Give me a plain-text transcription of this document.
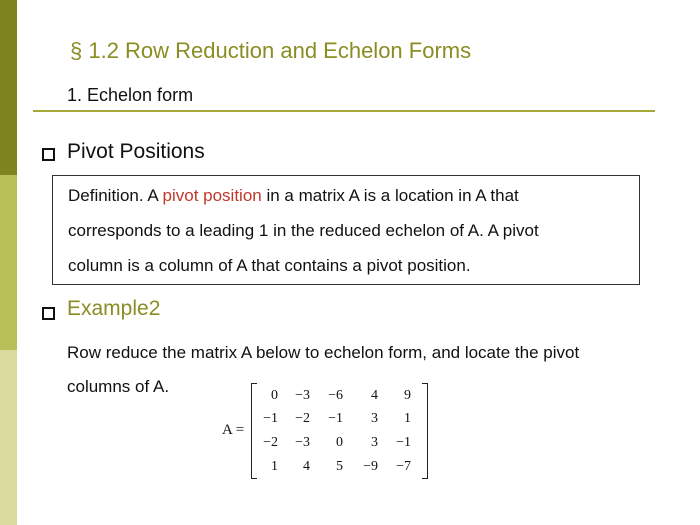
§ 1.2 Row Reduction and Echelon Forms
1. Echelon form
Pivot Positions
Definition. A pivot position in a matrix A is a location in A that
corresponds to a leading 1 in the reduced echelon of A. A pivot
column is a column of A that contains a pivot position.
Example2
Row reduce the matrix A below to echelon form, and locate the pivot
columns of A.
A =
0	−3	−6	4	9
−1	−2	−1	3	1
−2	−3	0	3	−1
1	4	5	−9	−7
